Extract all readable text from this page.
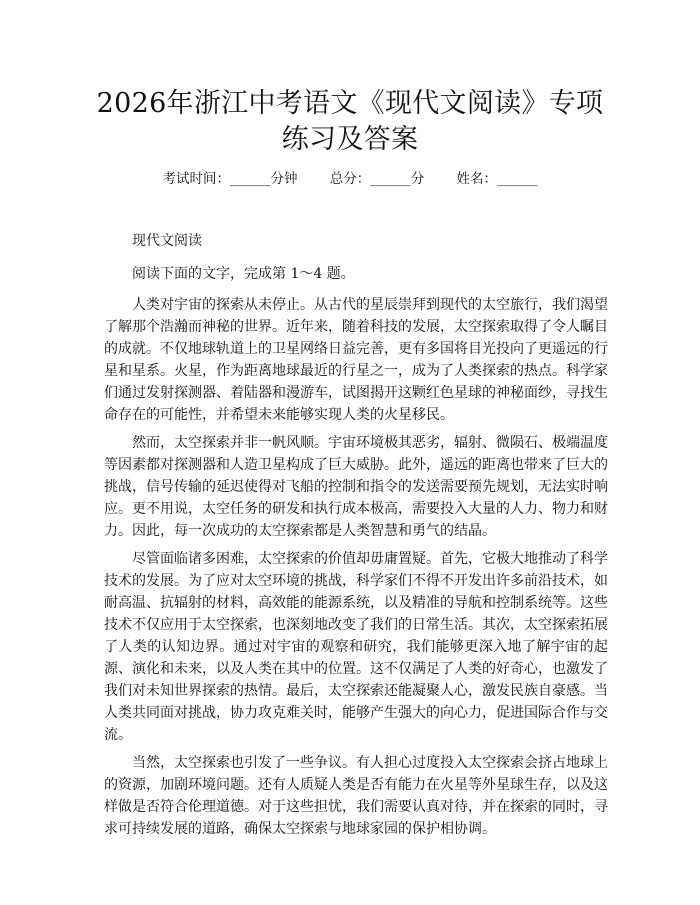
2026年浙江中考语文《现代文阅读》专项练习及答案
考试时间：______分钟 总分：______分 姓名：______
现代文阅读
阅读下面的文字，完成第 1～4 题。

人类对宇宙的探索从未停止。从古代的星辰崇拜到现代的太空旅行，我们渴望了解那个浩瀚而神秘的世界。近年来，随着科技的发展，太空探索取得了令人瞩目的成就。不仅地球轨道上的卫星网络日益完善，更有多国将目光投向了更遥远的行星和星系。火星，作为距离地球最近的行星之一，成为了人类探索的热点。科学家们通过发射探测器、着陆器和漫游车，试图揭开这颗红色星球的神秘面纱，寻找生命存在的可能性，并希望未来能够实现人类的火星移民。

然而，太空探索并非一帆风顺。宇宙环境极其恶劣，辐射、微陨石、极端温度等因素都对探测器和人造卫星构成了巨大威胁。此外，遥远的距离也带来了巨大的挑战，信号传输的延迟使得对飞船的控制和指令的发送需要预先规划，无法实时响应。更不用说，太空任务的研发和执行成本极高，需要投入大量的人力、物力和财力。因此，每一次成功的太空探索都是人类智慧和勇气的结晶。

尽管面临诸多困难，太空探索的价值却毋庸置疑。首先，它极大地推动了科学技术的发展。为了应对太空环境的挑战，科学家们不得不开发出许多前沿技术，如耐高温、抗辐射的材料，高效能的能源系统，以及精准的导航和控制系统等。这些技术不仅应用于太空探索，也深刻地改变了我们的日常生活。其次，太空探索拓展了人类的认知边界。通过对宇宙的观察和研究，我们能够更深入地了解宇宙的起源、演化和未来，以及人类在其中的位置。这不仅满足了人类的好奇心，也激发了我们对未知世界探索的热情。最后，太空探索还能凝聚人心，激发民族自豪感。当人类共同面对挑战，协力攻克难关时，能够产生强大的向心力，促进国际合作与交流。

当然，太空探索也引发了一些争议。有人担心过度投入太空探索会挤占地球上的资源，加剧环境问题。还有人质疑人类是否有能力在火星等外星球生存，以及这样做是否符合伦理道德。对于这些担忧，我们需要认真对待，并在探索的同时，寻求可持续发展的道路，确保太空探索与地球家园的保护相协调。
